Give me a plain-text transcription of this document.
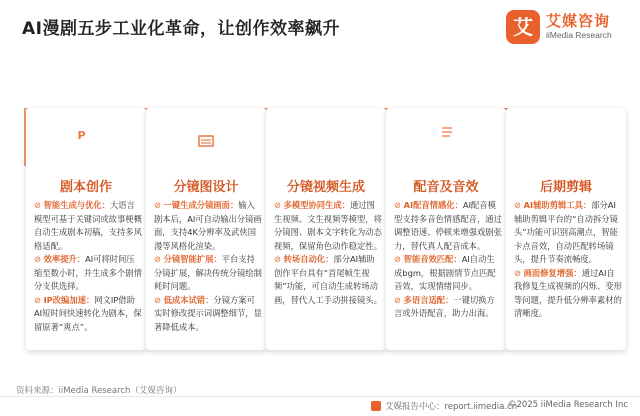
AI漫剧五步工业化革命，让创作效率飙升	艾 艾媒咨询
iiMedia Research
P
剧本创作
⊘ 智能生成与优化：大语言模型可基于关键词或故事梗概自动生成剧本初稿，支持多风格适配。
⊘ 效率提升：AI可将时间压缩至数小时，并生成多个剧情分支供选择。
⊘ IP改编加速：网文IP借助AI短时间快速转化为剧本，保留原著“爽点”。
分镜图设计
⊘ 一键生成分镜画面：输入剧本后，AI可自动输出分镜画面，支持4K分辨率及武侠国漫等风格化渲染。
⊘ 分镜智能扩展：平台支持分镜扩展，解决传统分镜绘制耗时问题。
⊘ 低成本试错：分镜方案可实时修改提示词调整细节，显著降低成本。
分镜视频生成
⊘ 多模型协同生成：通过图生视频、文生视频等模型，将分镜图、剧本文字转化为动态视频，保留角色动作稳定性。
⊘ 转场自动化：部分AI辅助创作平台具有“首尾帧生视频”功能，可自动生成转场动画，替代人工手动拼接镜头。
配音及音效
⊘ AI配音情感化：AI配音模型支持多音色情感配音，通过调整语速、停顿来增强戏剧张力，替代真人配音成本。
⊘ 智能音效匹配：AI自动生成bgm，根据剧情节点匹配音效，实现情绪同步。
⊘ 多语言适配：一键切换方言或外语配音，助力出海。
后期剪辑
⊘ AI辅助剪辑工具：部分AI辅助剪辑平台的“自动拆分镜头”功能可识别高潮点，智能卡点音效，自动匹配转场镜头，提升节奏流畅度。
⊘ 画面修复增强：通过AI自我修复生成视频的闪烁、变形等问题，提升低分辨率素材的清晰度。
资料来源：iiMedia Research（艾媒咨询）
艾媒报告中心：report.iimedia.cn
©2025 iiMedia Research Inc
